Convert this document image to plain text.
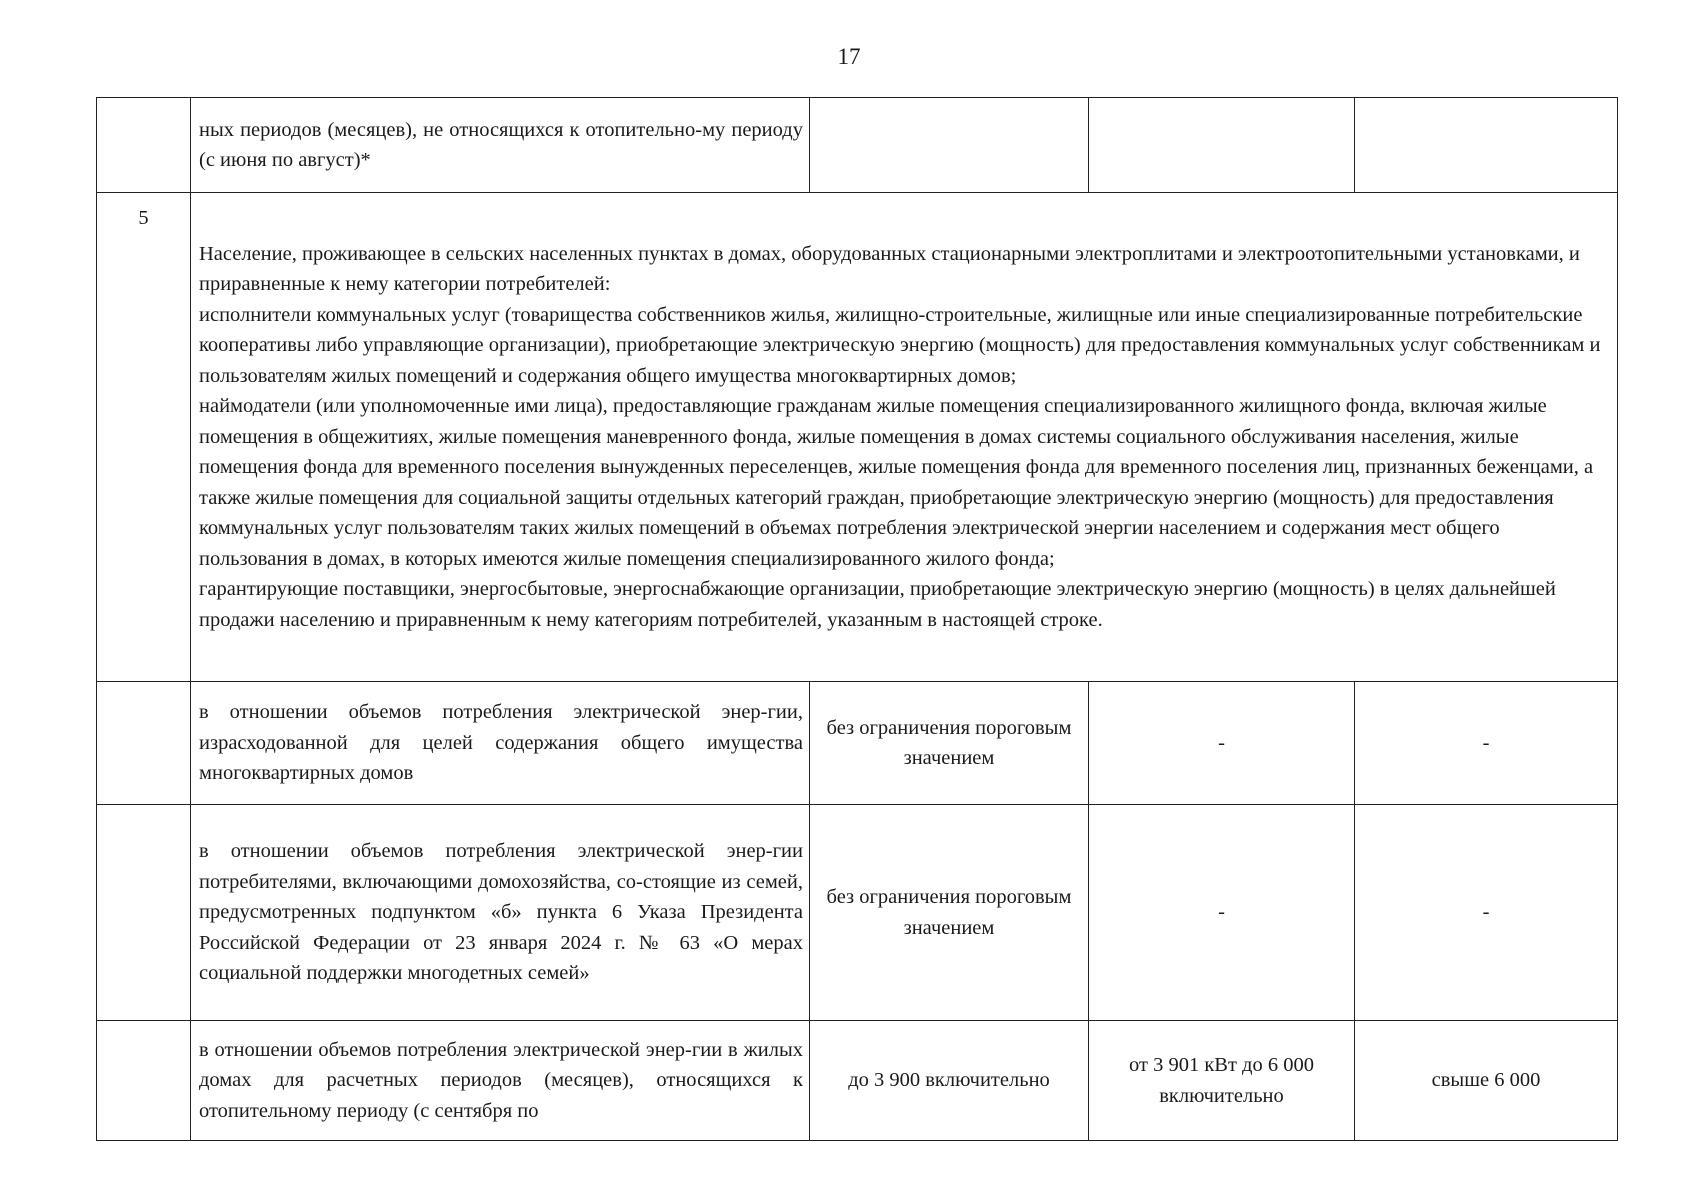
17

	ных периодов (месяцев), не относящихся к отопительно-му периоду (с июня по август)*			

5	Население, проживающее в сельских населенных пунктах в домах, оборудованных стационарными электроплитами и электроотопительными установками, и приравненные к нему категории потребителей:

исполнители коммунальных услуг (товарищества собственников жилья, жилищно-строительные, жилищные или иные специализированные потребительские кооперативы либо управляющие организации), приобретающие электрическую энергию (мощность) для предоставления коммунальных услуг собственникам и пользователям жилых помещений и содержания общего имущества многоквартирных домов;

наймодатели (или уполномоченные ими лица), предоставляющие гражданам жилые помещения специализированного жилищного фонда, включая жилые помещения в общежитиях, жилые помещения маневренного фонда, жилые помещения в домах системы социального обслуживания населения, жилые помещения фонда для временного поселения вынужденных переселенцев, жилые помещения фонда для временного поселения лиц, признанных беженцами, а также жилые помещения для социальной защиты отдельных категорий граждан, приобретающие электрическую энергию (мощность) для предоставления коммунальных услуг пользователям таких жилых помещений в объемах потребления электрической энергии населением и содержания мест общего пользования в домах, в которых имеются жилые помещения специализированного жилого фонда;

гарантирующие поставщики, энергосбытовые, энергоснабжающие организации, приобретающие электрическую энергию (мощность) в целях дальнейшей продажи населению и приравненным к нему категориям потребителей, указанным в настоящей строке.			

	в отношении объемов потребления электрической энер-гии, израсходованной для целей содержания общего имущества многоквартирных домов	без ограничения пороговым значением	-	-

	в отношении объемов потребления электрической энер-гии потребителями, включающими домохозяйства, со-стоящие из семей, предусмотренных подпунктом «б» пункта 6 Указа Президента Российской Федерации от 23 января 2024 г. № 63 «О мерах социальной поддержки многодетных семей»	без ограничения пороговым значением	-	-

	в отношении объемов потребления электрической энер-гии в жилых домах для расчетных периодов (месяцев), относящихся к отопительному периоду (с сентября по	до 3 900 включительно	от 3 901 кВт до 6 000 включительно	свыше 6 000
